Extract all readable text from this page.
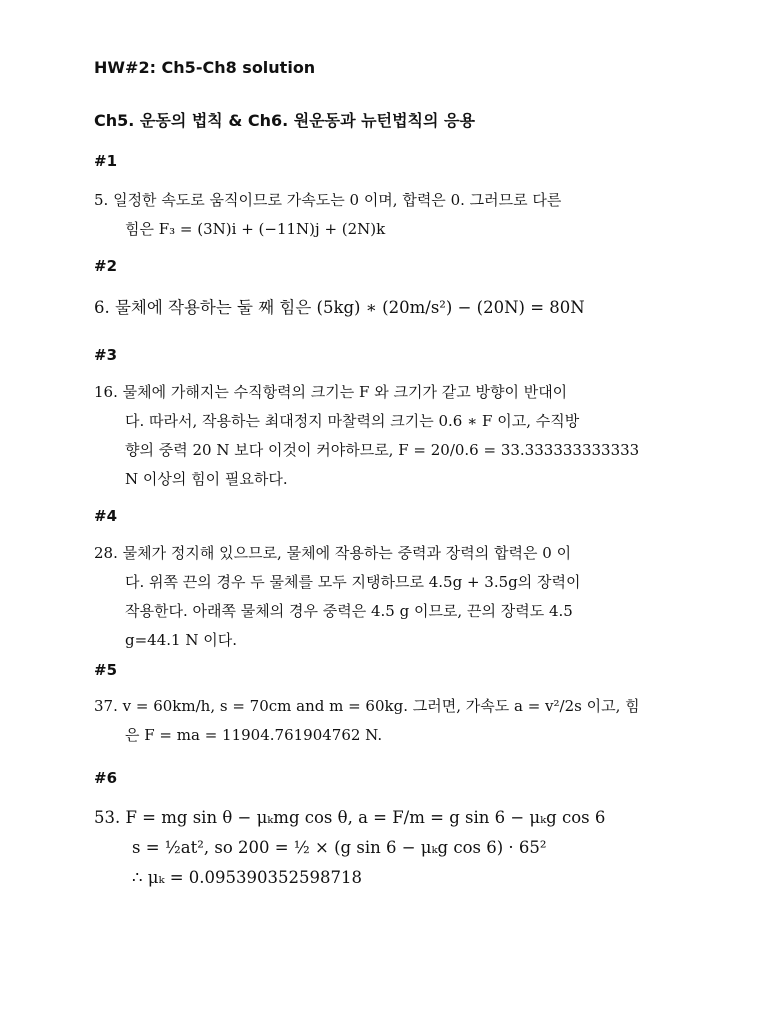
HW#2: Ch5-Ch8 solution
Ch5. 운동의 법칙 & Ch6. 원운동과 뉴턴법칙의 응용
#1
5. 일정한 속도로 움직이므로 가속도는 0 이며, 합력은 0. 그러므로 다른
힘은 F₃ = (3N)i + (−11N)j + (2N)k
#2
6. 물체에 작용하는 둘 째 힘은 (5kg) ∗ (20m/s²) − (20N) = 80N
#3
16. 물체에 가해지는 수직항력의 크기는 F 와 크기가 같고 방향이 반대이
다. 따라서, 작용하는 최대정지 마찰력의 크기는 0.6 ∗ F 이고, 수직방
향의 중력 20 N 보다 이것이 커야하므로, F = 20/0.6 = 33.333333333333
N 이상의 힘이 필요하다.
#4
28. 물체가 정지해 있으므로, 물체에 작용하는 중력과 장력의 합력은 0 이
다. 위쪽 끈의 경우 두 물체를 모두 지탱하므로 4.5g + 3.5g의 장력이
작용한다. 아래쪽 물체의 경우 중력은 4.5 g 이므로, 끈의 장력도 4.5
g=44.1 N 이다.
#5
37. v = 60km/h, s = 70cm and m = 60kg. 그러면, 가속도 a = v²/2s 이고, 힘
은 F = ma = 11904.761904762 N.
#6
53. F = mg sin θ − μₖmg cos θ, a = F/m = g sin 6 − μₖg cos 6
s = ½at², so 200 = ½ × (g sin 6 − μₖg cos 6) · 65²
∴ μₖ = 0.095390352598718
